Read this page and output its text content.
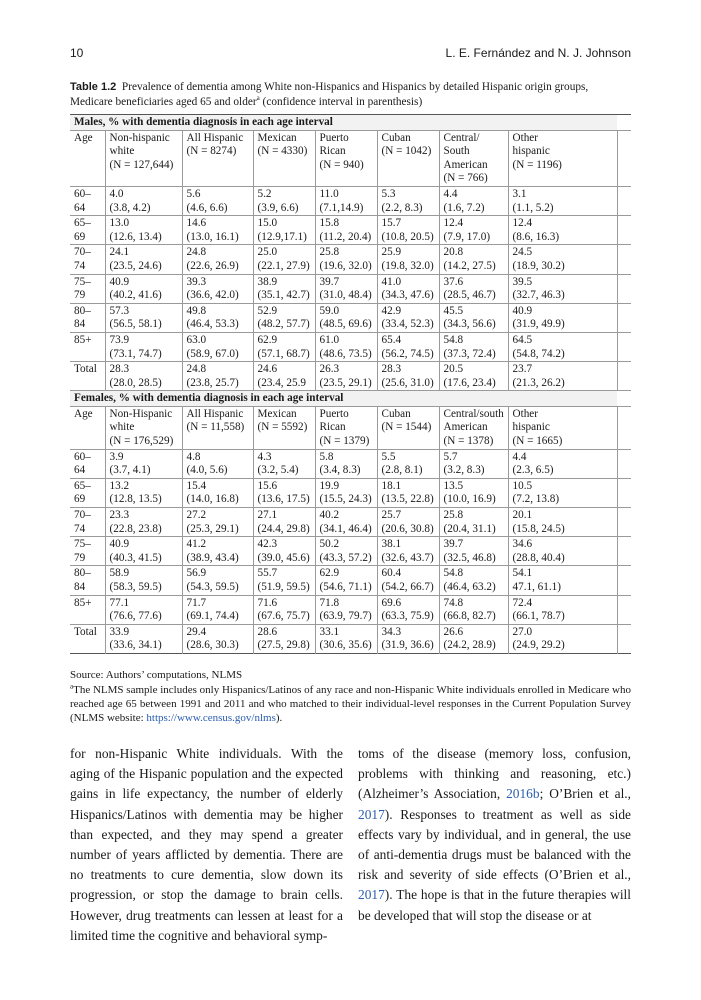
10	L. E. Fernández and N. J. Johnson
Table 1.2 Prevalence of dementia among White non-Hispanics and Hispanics by detailed Hispanic origin groups, Medicare beneficiaries aged 65 and older$^a$ (confidence interval in parenthesis)
Males, % with dementia diagnosis in each age interval								
Age	Non-hispanic
white
(N = 127,644)	All Hispanic
(N = 8274)	Mexican
(N = 4330)	Puerto
Rican
(N = 940)	Cuban
(N = 1042)	Central/
South
American
(N = 766)	Other
hispanic
(N = 1196)	
60–64	4.0
(3.8, 4.2)	5.6
(4.6, 6.6)	5.2
(3.9, 6.6)	11.0
(7.1,14.9)	5.3
(2.2, 8.3)	4.4
(1.6, 7.2)	3.1
(1.1, 5.2)	
65–69	13.0
(12.6, 13.4)	14.6
(13.0, 16.1)	15.0
(12.9,17.1)	15.8
(11.2, 20.4)	15.7
(10.8, 20.5)	12.4
(7.9, 17.0)	12.4
(8.6, 16.3)	
70–74	24.1
(23.5, 24.6)	24.8
(22.6, 26.9)	25.0
(22.1, 27.9)	25.8
(19.6, 32.0)	25.9
(19.8, 32.0)	20.8
(14.2, 27.5)	24.5
(18.9, 30.2)	
75–79	40.9
(40.2, 41.6)	39.3
(36.6, 42.0)	38.9
(35.1, 42.7)	39.7
(31.0, 48.4)	41.0
(34.3, 47.6)	37.6
(28.5, 46.7)	39.5
(32.7, 46.3)	
80–84	57.3
(56.5, 58.1)	49.8
(46.4, 53.3)	52.9
(48.2, 57.7)	59.0
(48.5, 69.6)	42.9
(33.4, 52.3)	45.5
(34.3, 56.6)	40.9
(31.9, 49.9)	
85+	73.9
(73.1, 74.7)	63.0
(58.9, 67.0)	62.9
(57.1, 68.7)	61.0
(48.6, 73.5)	65.4
(56.2, 74.5)	54.8
(37.3, 72.4)	64.5
(54.8, 74.2)	
Total	28.3
(28.0, 28.5)	24.8
(23.8, 25.7)	24.6
(23.4, 25.9	26.3
(23.5, 29.1)	28.3
(25.6, 31.0)	20.5
(17.6, 23.4)	23.7
(21.3, 26.2)	
Females, % with dementia diagnosis in each age interval								
Age	Non-Hispanic
white
(N = 176,529)	All Hispanic
(N = 11,558)	Mexican
(N = 5592)	Puerto
Rican
(N = 1379)	Cuban
(N = 1544)	Central/south
American
(N = 1378)	Other
hispanic
(N = 1665)	
60–64	3.9
(3.7, 4.1)	4.8
(4.0, 5.6)	4.3
(3.2, 5.4)	5.8
(3.4, 8.3)	5.5
(2.8, 8.1)	5.7
(3.2, 8.3)	4.4
(2.3, 6.5)	
65–69	13.2
(12.8, 13.5)	15.4
(14.0, 16.8)	15.6
(13.6, 17.5)	19.9
(15.5, 24.3)	18.1
(13.5, 22.8)	13.5
(10.0, 16.9)	10.5
(7.2, 13.8)	
70–74	23.3
(22.8, 23.8)	27.2
(25.3, 29.1)	27.1
(24.4, 29.8)	40.2
(34.1, 46.4)	25.7
(20.6, 30.8)	25.8
(20.4, 31.1)	20.1
(15.8, 24.5)	
75–79	40.9
(40.3, 41.5)	41.2
(38.9, 43.4)	42.3
(39.0, 45.6)	50.2
(43.3, 57.2)	38.1
(32.6, 43.7)	39.7
(32.5, 46.8)	34.6
(28.8, 40.4)	
80–84	58.9
(58.3, 59.5)	56.9
(54.3, 59.5)	55.7
(51.9, 59.5)	62.9
(54.6, 71.1)	60.4
(54.2, 66.7)	54.8
(46.4, 63.2)	54.1
47.1, 61.1)	
85+	77.1
(76.6, 77.6)	71.7
(69.1, 74.4)	71.6
(67.6, 75.7)	71.8
(63.9, 79.7)	69.6
(63.3, 75.9)	74.8
(66.8, 82.7)	72.4
(66.1, 78.7)	
Total	33.9
(33.6, 34.1)	29.4
(28.6, 30.3)	28.6
(27.5, 29.8)	33.1
(30.6, 35.6)	34.3
(31.9, 36.6)	26.6
(24.2, 28.9)	27.0
(24.9, 29.2)	
Source: Authors’ computations, NLMS
$^a$The NLMS sample includes only Hispanics/Latinos of any race and non-Hispanic White individuals enrolled in Medicare who reached age 65 between 1991 and 2011 and who matched to their individual-level responses in the Current Population Survey (NLMS website: https://www.census.gov/nlms).
for non-Hispanic White individuals. With the aging of the Hispanic population and the expected gains in life expectancy, the number of elderly Hispanics/Latinos with dementia may be higher than expected, and they may spend a greater number of years afflicted by dementia. There are no treatments to cure dementia, slow down its progression, or stop the damage to brain cells. However, drug treatments can lessen at least for a limited time the cognitive and behavioral symp-
toms of the disease (memory loss, confusion, problems with thinking and reasoning, etc.) (Alzheimer’s Association, 2016b; O’Brien et al., 2017). Responses to treatment as well as side effects vary by individual, and in general, the use of anti-dementia drugs must be balanced with the risk and severity of side effects (O’Brien et al., 2017). The hope is that in the future therapies will be developed that will stop the disease or at
